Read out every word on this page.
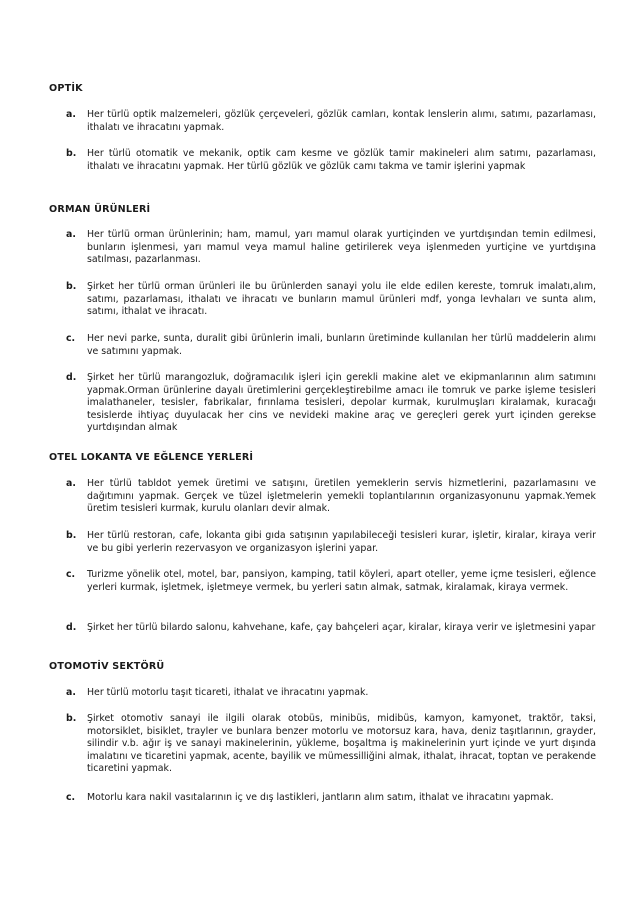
OPTİK
a.	Her türlü optik malzemeleri, gözlük çerçeveleri, gözlük camları, kontak lenslerin alımı, satımı, pazarlaması, ithalatı ve ihracatını yapmak.
b.	Her türlü otomatik ve mekanik, optik cam kesme ve gözlük tamir makineleri alım satımı, pazarlaması, ithalatı ve ihracatını yapmak. Her türlü gözlük ve gözlük camı takma ve tamir işlerini yapmak
ORMAN ÜRÜNLERİ
a.	Her türlü orman ürünlerinin; ham, mamul, yarı mamul olarak yurtiçinden ve yurtdışından temin edilmesi, bunların işlenmesi, yarı mamul veya mamul haline getirilerek veya işlenmeden yurtiçine ve yurtdışına satılması, pazarlanması.
b.	Şirket her türlü orman ürünleri ile bu ürünlerden sanayi yolu ile elde edilen kereste, tomruk imalatı,alım, satımı, pazarlaması, ithalatı ve ihracatı ve bunların mamul ürünleri mdf, yonga levhaları ve sunta alım, satımı, ithalat ve ihracatı.
c.	Her nevi parke, sunta, duralit gibi ürünlerin imali, bunların üretiminde kullanılan her türlü maddelerin alımı ve satımını yapmak.
d.	Şirket her türlü marangozluk, doğramacılık işleri için gerekli makine alet ve ekipmanlarının alım satımını yapmak.Orman ürünlerine dayalı üretimlerini gerçekleştirebilme amacı ile tomruk ve parke işleme tesisleri imalathaneler, tesisler, fabrikalar, fırınlama tesisleri, depolar kurmak, kurulmuşları kiralamak, kuracağı tesislerde ihtiyaç duyulacak her cins ve nevideki makine araç ve gereçleri gerek yurt içinden gerekse yurtdışından almak
OTEL LOKANTA VE EĞLENCE YERLERİ
a.	Her türlü tabldot yemek üretimi ve satışını, üretilen yemeklerin servis hizmetlerini, pazarlamasını ve dağıtımını yapmak. Gerçek ve tüzel işletmelerin yemekli toplantılarının organizasyonunu yapmak.Yemek üretim tesisleri kurmak, kurulu olanları devir almak.
b.	Her türlü restoran, cafe, lokanta gibi gıda satışının yapılabileceği tesisleri kurar, işletir, kiralar, kiraya verir ve bu gibi yerlerin rezervasyon ve organizasyon işlerini yapar.
c.	Turizme yönelik otel, motel, bar, pansiyon, kamping, tatil köyleri, apart oteller, yeme içme tesisleri, eğlence yerleri kurmak, işletmek, işletmeye vermek, bu yerleri satın almak, satmak, kiralamak, kiraya vermek.
d.	Şirket her türlü bilardo salonu, kahvehane, kafe, çay bahçeleri açar, kiralar, kiraya verir ve işletmesini yapar
OTOMOTİV SEKTÖRÜ
a.	Her türlü motorlu taşıt ticareti, ithalat ve ihracatını yapmak.
b.	Şirket otomotiv sanayi ile ilgili olarak otobüs, minibüs, midibüs, kamyon, kamyonet, traktör, taksi, motorsiklet, bisiklet, trayler ve bunlara benzer motorlu ve motorsuz kara, hava, deniz taşıtlarının, grayder, silindir v.b. ağır iş ve sanayi makinelerinin, yükleme, boşaltma iş makinelerinin yurt içinde ve yurt dışında imalatını ve ticaretini yapmak, acente, bayilik ve mümessilliğini almak, ithalat, ihracat, toptan ve perakende ticaretini yapmak.
c.	Motorlu kara nakil vasıtalarının iç ve dış lastikleri, jantların alım satım, ithalat ve ihracatını yapmak.
